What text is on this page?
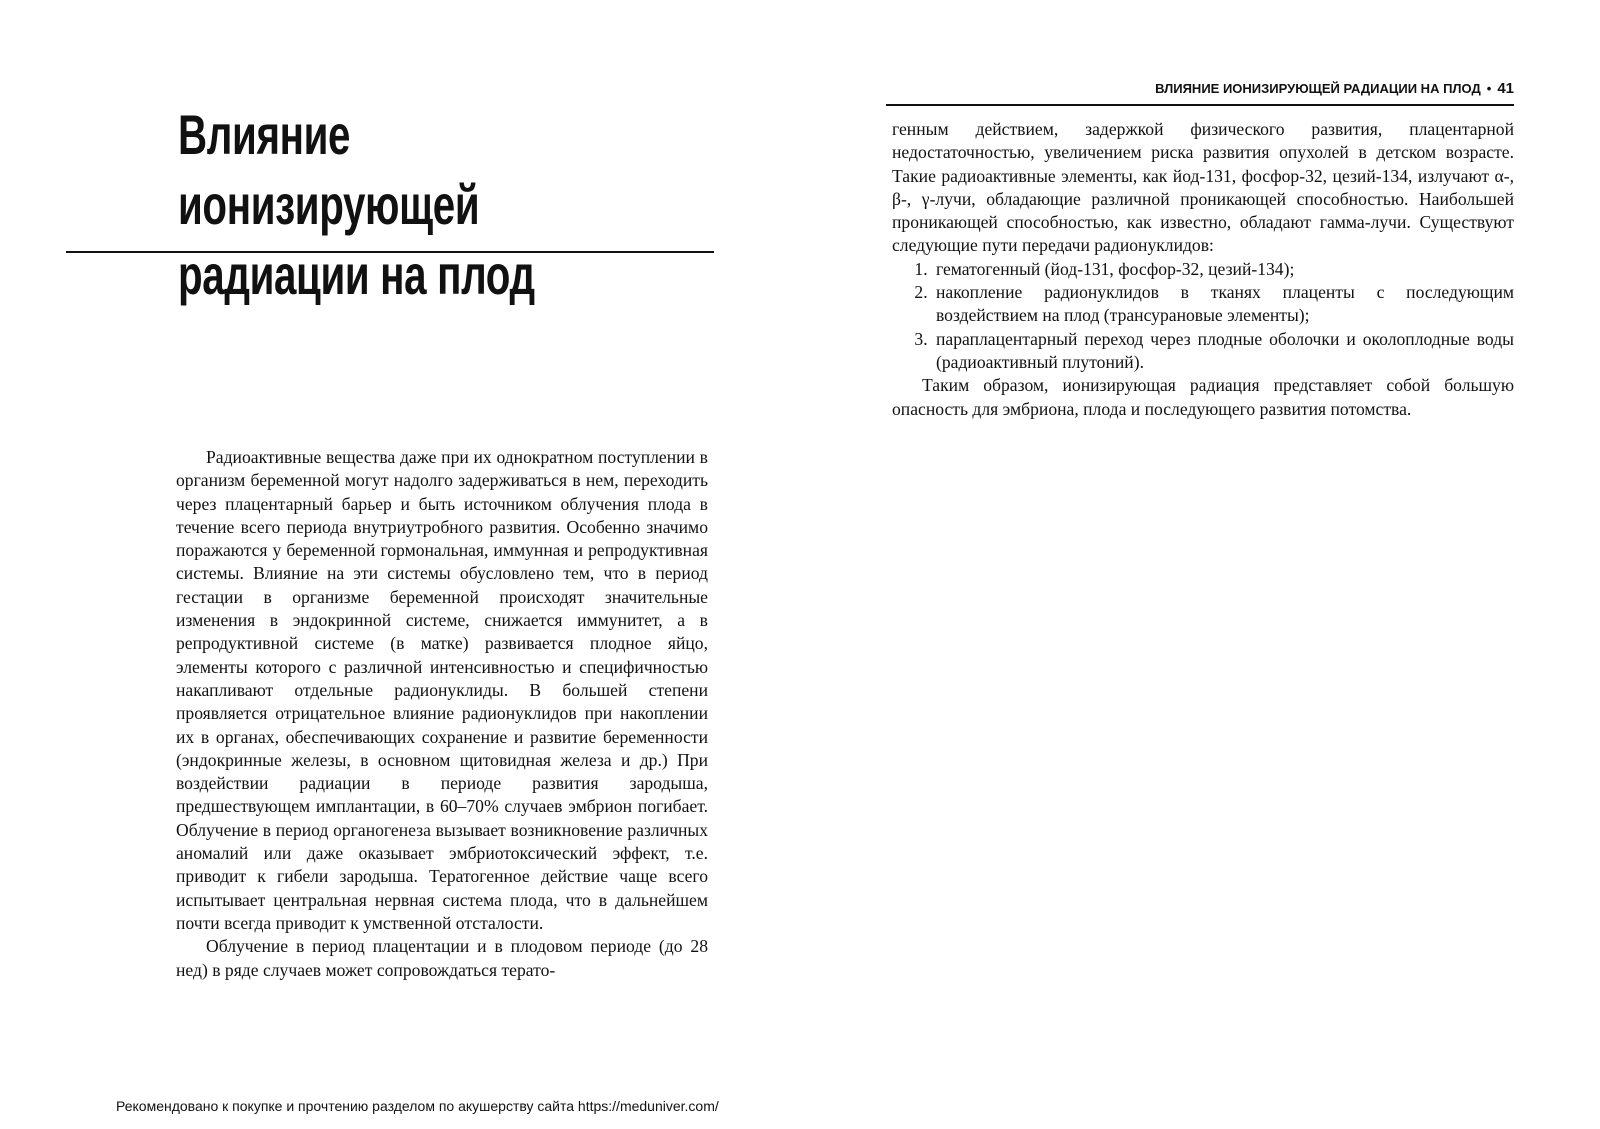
Влияние ионизирующей
радиации на плод

Радиоактивные вещества даже при их однократном поступлении в организм беременной могут надолго задерживаться в нем, переходить через плацентарный барьер и быть источником облучения плода в течение всего периода внутриутробного развития. Особенно значимо поражаются у беременной гормональная, иммунная и репродуктивная системы. Влияние на эти системы обусловлено тем, что в период гестации в организме беременной происходят значительные изменения в эндокринной системе, снижается иммунитет, а в репродуктивной системе (в матке) развивается плодное яйцо, элементы которого с различной интенсивностью и специфичностью накапливают отдельные радионуклиды. В большей степени проявляется отрицательное влияние радионуклидов при накоплении их в органах, обеспечивающих сохранение и развитие беременности (эндокринные железы, в основном щитовидная железа и др.) При воздействии радиации в периоде развития зародыша, предшествующем имплантации, в 60–70% случаев эмбрион погибает. Облучение в период органогенеза вызывает возникновение различных аномалий или даже оказывает эмбриотоксический эффект, т.е. приводит к гибели зародыша. Тератогенное действие чаще всего испытывает центральная нервная система плода, что в дальнейшем почти всегда приводит к умственной отсталости.

Облучение в период плацентации и в плодовом периоде (до 28 нед) в ряде случаев может сопровождаться терато-

ВЛИЯНИЕ ИОНИЗИРУЮЩЕЙ РАДИАЦИИ НА ПЛОД • 41

генным действием, задержкой физического развития, плацентарной недостаточностью, увеличением риска развития опухолей в детском возрасте. Такие радиоактивные элементы, как йод-131, фосфор-32, цезий-134, излучают α-, β-, γ-лучи, обладающие различной проникающей способностью. Наибольшей проникающей способностью, как известно, обладают гамма-лучи. Существуют следующие пути передачи радионуклидов:

1. гематогенный (йод-131, фосфор-32, цезий-134);
2. накопление радионуклидов в тканях плаценты с последующим воздействием на плод (трансурановые элементы);
3. параплацентарный переход через плодные оболочки и околоплодные воды (радиоактивный плутоний).

Таким образом, ионизирующая радиация представляет собой большую опасность для эмбриона, плода и последующего развития потомства.

Рекомендовано к покупке и прочтению разделом по акушерству сайта https://meduniver.com/
